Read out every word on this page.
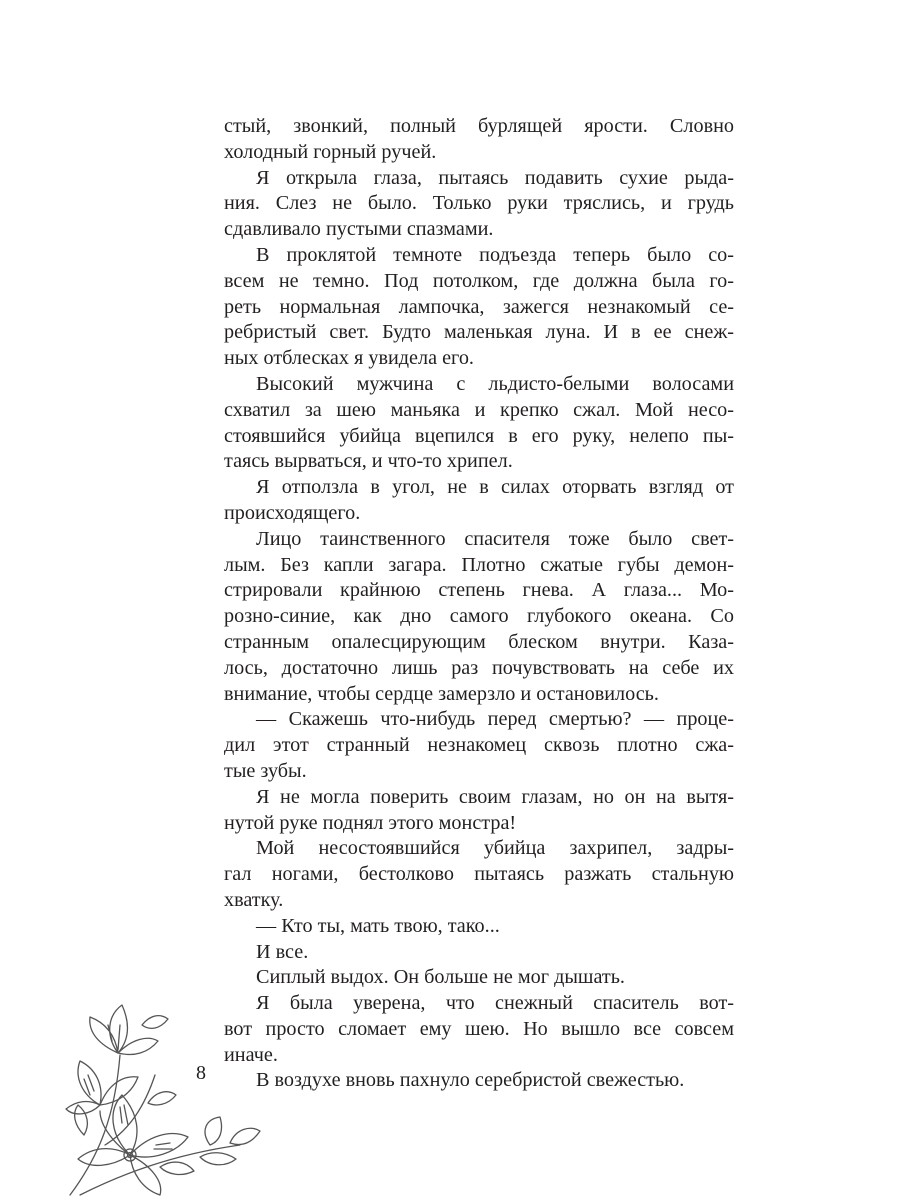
стый, звонкий, полный бурлящей ярости. Словно
холодный горный ручей.
Я открыла глаза, пытаясь подавить сухие рыда-
ния. Слез не было. Только руки тряслись, и грудь
сдавливало пустыми спазмами.
В проклятой темноте подъезда теперь было со-
всем не темно. Под потолком, где должна была го-
реть нормальная лампочка, зажегся незнакомый се-
ребристый свет. Будто маленькая луна. И в ее снеж-
ных отблесках я увидела его.
Высокий мужчина с льдисто-белыми волосами
схватил за шею маньяка и крепко сжал. Мой несо-
стоявшийся убийца вцепился в его руку, нелепо пы-
таясь вырваться, и что-то хрипел.
Я отползла в угол, не в силах оторвать взгляд от
происходящего.
Лицо таинственного спасителя тоже было свет-
лым. Без капли загара. Плотно сжатые губы демон-
стрировали крайнюю степень гнева. А глаза... Мо-
розно-синие, как дно самого глубокого океана. Со
странным опалесцирующим блеском внутри. Каза-
лось, достаточно лишь раз почувствовать на себе их
внимание, чтобы сердце замерзло и остановилось.
— Скажешь что-нибудь перед смертью? — проце-
дил этот странный незнакомец сквозь плотно сжа-
тые зубы.
Я не могла поверить своим глазам, но он на вытя-
нутой руке поднял этого монстра!
Мой несостоявшийся убийца захрипел, задры-
гал ногами, бестолково пытаясь разжать стальную
хватку.
— Кто ты, мать твою, тако...
И все.
Сиплый выдох. Он больше не мог дышать.
Я была уверена, что снежный спаситель вот-
вот просто сломает ему шею. Но вышло все совсем
иначе.
В воздухе вновь пахнуло серебристой свежестью.
8
